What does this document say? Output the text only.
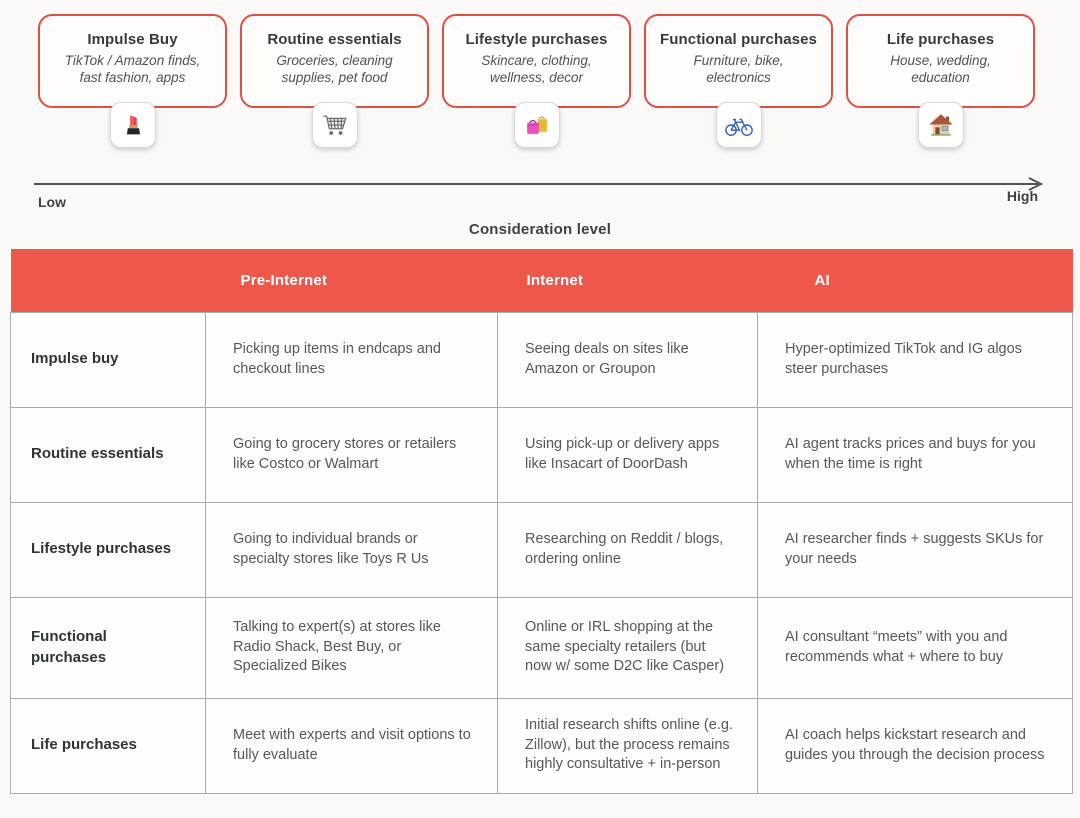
Impulse Buy
TikTok / Amazon finds, fast fashion, apps
Routine essentials
Groceries, cleaning supplies, pet food
Lifestyle purchases
Skincare, clothing, wellness, decor
Functional purchases
Furniture, bike, electronics
Life purchases
House, wedding, education
Low	High
Consideration level
	Pre-Internet	Internet	AI
Impulse buy	Picking up items in endcaps and checkout lines	Seeing deals on sites like Amazon or Groupon	Hyper-optimized TikTok and IG algos steer purchases
Routine essentials	Going to grocery stores or retailers like Costco or Walmart	Using pick-up or delivery apps like Insacart of DoorDash	AI agent tracks prices and buys for you when the time is right
Lifestyle purchases	Going to individual brands or specialty stores like Toys R Us	Researching on Reddit / blogs, ordering online	AI researcher finds + suggests SKUs for your needs
Functional purchases	Talking to expert(s) at stores like Radio Shack, Best Buy, or Specialized Bikes	Online or IRL shopping at the same specialty retailers (but now w/ some D2C like Casper)	AI consultant “meets” with you and recommends what + where to buy
Life purchases	Meet with experts and visit options to fully evaluate	Initial research shifts online (e.g. Zillow), but the process remains highly consultative + in-person	AI coach helps kickstart research and guides you through the decision process
